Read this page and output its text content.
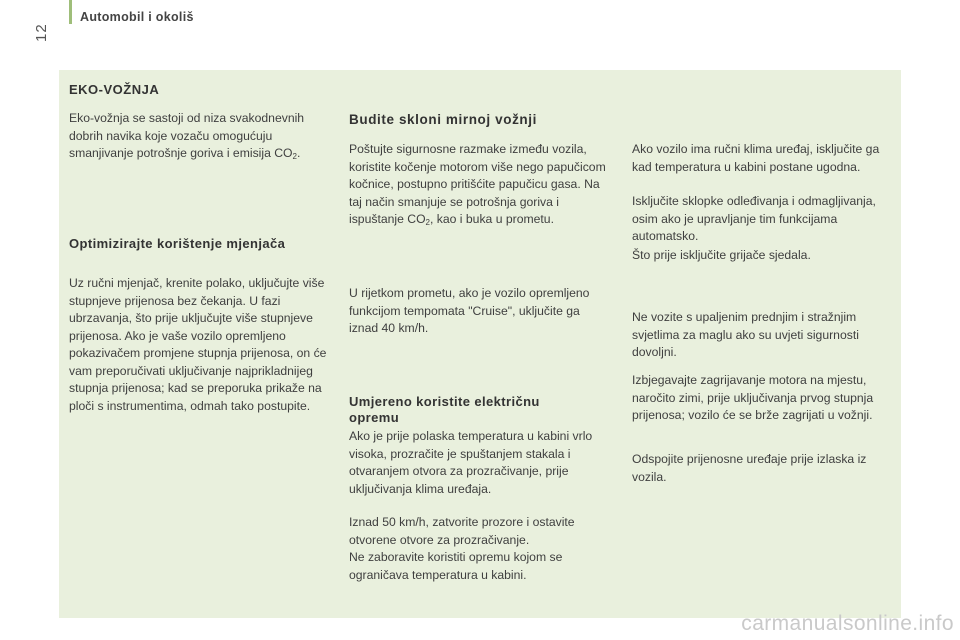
Automobil i okoliš
12
EKO-VOŽNJA

Eko-vožnja se sastoji od niza svakodnevnih dobrih navika koje vozaču omogućuju smanjivanje potrošnje goriva i emisija $CO_2$.

Optimizirajte korištenje mjenjača

Uz ručni mjenjač, krenite polako, uključujte više stupnjeve prijenosa bez čekanja. U fazi ubrzavanja, što prije uključujte više stupnjeve prijenosa. Ako je vaše vozilo opremljeno pokazivačem promjene stupnja prijenosa, on će vam preporučivati uključivanje najprikladnijeg stupnja prijenosa; kad se preporuka prikaže na ploči s instrumentima, odmah tako postupite.

Budite skloni mirnoj vožnji

Poštujte sigurnosne razmake između vozila, koristite kočenje motorom više nego papučicom kočnice, postupno pritišćite papučicu gasa. Na taj način smanjuje se potrošnja goriva i ispuštanje $CO_2$, kao i buka u prometu.

U rijetkom prometu, ako je vozilo opremljeno funkcijom tempomata "Cruise", uključite ga iznad 40 km/h.

Umjereno koristite električnu opremu

Ako je prije polaska temperatura u kabini vrlo visoka, prozračite je spuštanjem stakala i otvaranjem otvora za prozračivanje, prije uključivanja klima uređaja.

Iznad 50 km/h, zatvorite prozore i ostavite otvorene otvore za prozračivanje.

Ne zaboravite koristiti opremu kojom se ograničava temperatura u kabini.

Ako vozilo ima ručni klima uređaj, isključite ga kad temperatura u kabini postane ugodna.

Isključite sklopke odleđivanja i odmagljivanja, osim ako je upravljanje tim funkcijama automatsko.

Što prije isključite grijače sjedala.

Ne vozite s upaljenim prednjim i stražnjim svjetlima za maglu ako su uvjeti sigurnosti dovoljni.

Izbjegavajte zagrijavanje motora na mjestu, naročito zimi, prije uključivanja prvog stupnja prijenosa; vozilo će se brže zagrijati u vožnji.

Odspojite prijenosne uređaje prije izlaska iz vozila.

carmanualsonline.info
